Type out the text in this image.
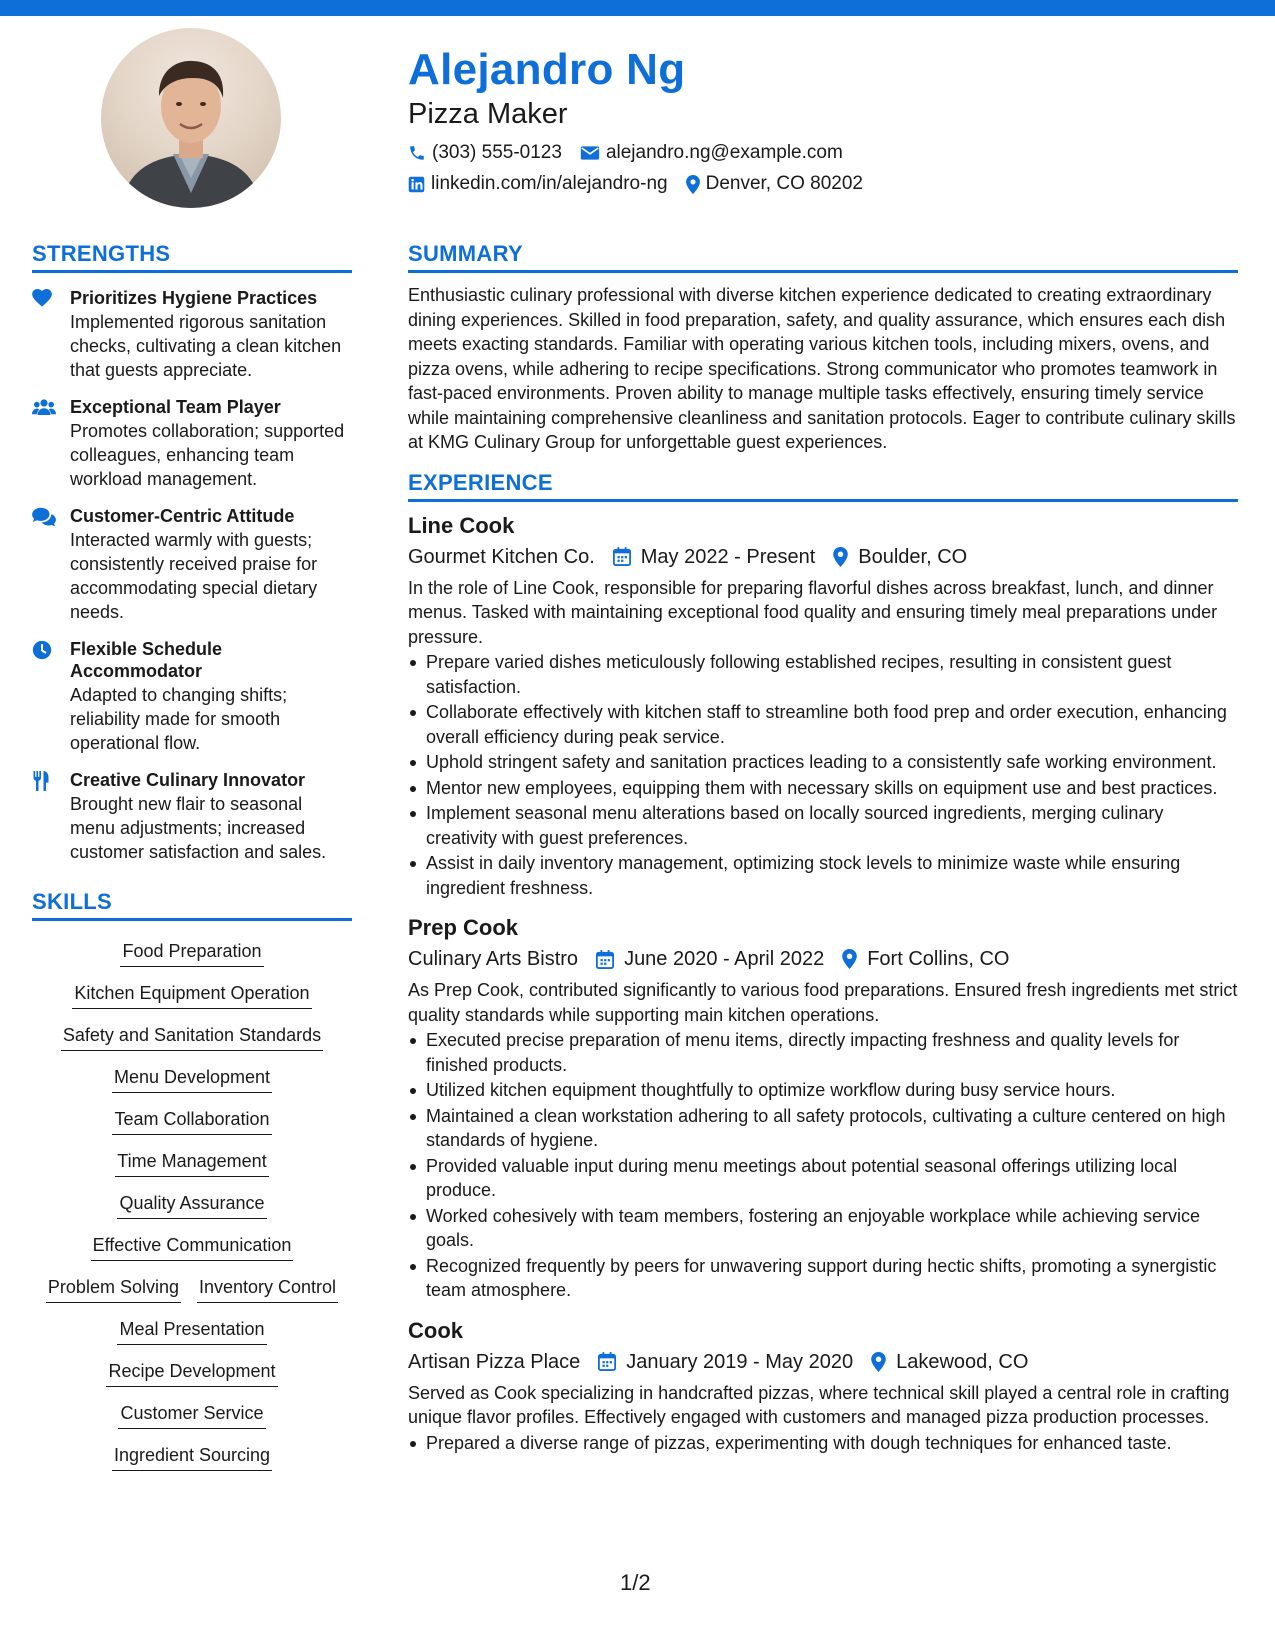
Alejandro Ng
Pizza Maker
(303) 555-0123 alejandro.ng@example.com
linkedin.com/in/alejandro-ng Denver, CO 80202
STRENGTHS
Prioritizes Hygiene Practices
Implemented rigorous sanitation checks, cultivating a clean kitchen that guests appreciate.
Exceptional Team Player
Promotes collaboration; supported colleagues, enhancing team workload management.
Customer-Centric Attitude
Interacted warmly with guests; consistently received praise for accommodating special dietary needs.
Flexible Schedule Accommodator
Adapted to changing shifts; reliability made for smooth operational flow.
Creative Culinary Innovator
Brought new flair to seasonal menu adjustments; increased customer satisfaction and sales.
SKILLS
Food Preparation
Kitchen Equipment Operation
Safety and Sanitation Standards
Menu Development
Team Collaboration
Time Management
Quality Assurance
Effective Communication
Problem Solving Inventory Control
Meal Presentation
Recipe Development
Customer Service
Ingredient Sourcing
SUMMARY
Enthusiastic culinary professional with diverse kitchen experience dedicated to creating extraordinary dining experiences. Skilled in food preparation, safety, and quality assurance, which ensures each dish meets exacting standards. Familiar with operating various kitchen tools, including mixers, ovens, and pizza ovens, while adhering to recipe specifications. Strong communicator who promotes teamwork in fast-paced environments. Proven ability to manage multiple tasks effectively, ensuring timely service while maintaining comprehensive cleanliness and sanitation protocols. Eager to contribute culinary skills at KMG Culinary Group for unforgettable guest experiences.
EXPERIENCE
Line Cook
Gourmet Kitchen Co. May 2022 - Present Boulder, CO
In the role of Line Cook, responsible for preparing flavorful dishes across breakfast, lunch, and dinner menus. Tasked with maintaining exceptional food quality and ensuring timely meal preparations under pressure.
Prepare varied dishes meticulously following established recipes, resulting in consistent guest satisfaction.
Collaborate effectively with kitchen staff to streamline both food prep and order execution, enhancing overall efficiency during peak service.
Uphold stringent safety and sanitation practices leading to a consistently safe working environment.
Mentor new employees, equipping them with necessary skills on equipment use and best practices.
Implement seasonal menu alterations based on locally sourced ingredients, merging culinary creativity with guest preferences.
Assist in daily inventory management, optimizing stock levels to minimize waste while ensuring ingredient freshness.
Prep Cook
Culinary Arts Bistro June 2020 - April 2022 Fort Collins, CO
As Prep Cook, contributed significantly to various food preparations. Ensured fresh ingredients met strict quality standards while supporting main kitchen operations.
Executed precise preparation of menu items, directly impacting freshness and quality levels for finished products.
Utilized kitchen equipment thoughtfully to optimize workflow during busy service hours.
Maintained a clean workstation adhering to all safety protocols, cultivating a culture centered on high standards of hygiene.
Provided valuable input during menu meetings about potential seasonal offerings utilizing local produce.
Worked cohesively with team members, fostering an enjoyable workplace while achieving service goals.
Recognized frequently by peers for unwavering support during hectic shifts, promoting a synergistic team atmosphere.
Cook
Artisan Pizza Place January 2019 - May 2020 Lakewood, CO
Served as Cook specializing in handcrafted pizzas, where technical skill played a central role in crafting unique flavor profiles. Effectively engaged with customers and managed pizza production processes.
Prepared a diverse range of pizzas, experimenting with dough techniques for enhanced taste.
1/2
